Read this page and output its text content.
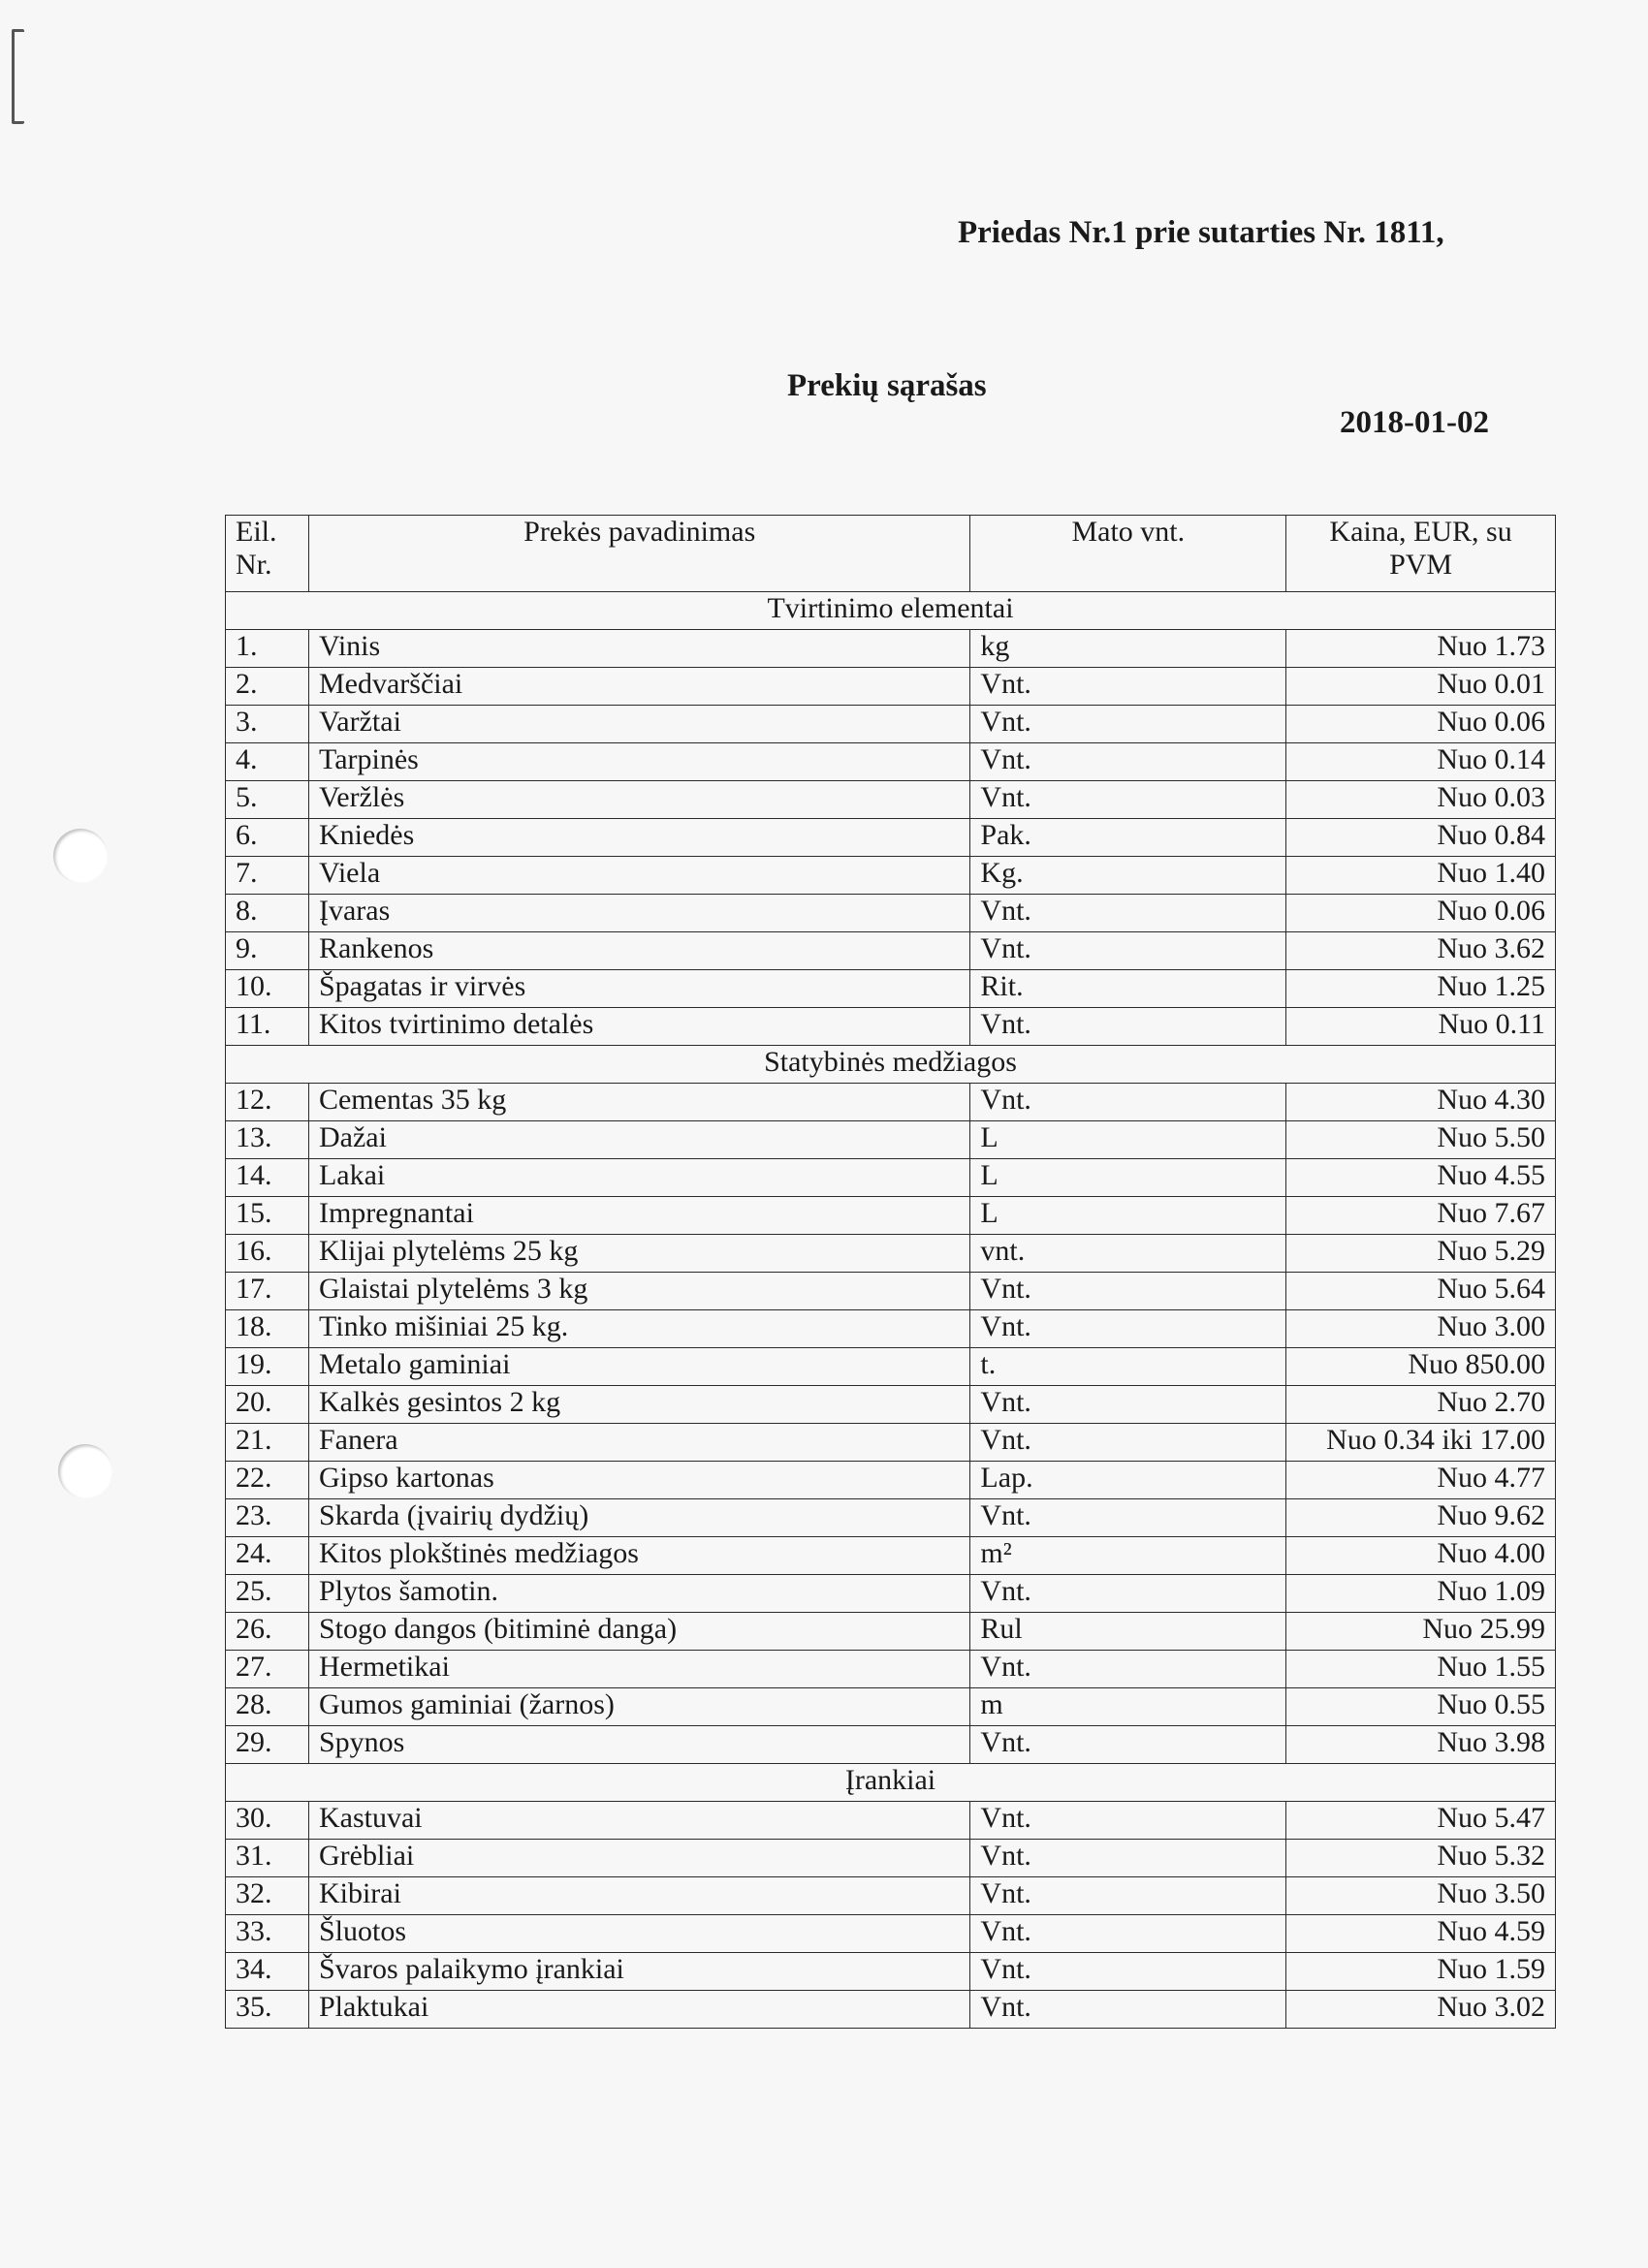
Priedas Nr.1 prie sutarties Nr. 1811,
Prekių sąrašas
2018-01-02
Eil. Nr.	Prekės pavadinimas	Mato vnt.	Kaina, EUR, su PVM
Tvirtinimo elementai			
1.	Vinis	kg	Nuo 1.73
2.	Medvarščiai	Vnt.	Nuo 0.01
3.	Varžtai	Vnt.	Nuo 0.06
4.	Tarpinės	Vnt.	Nuo 0.14
5.	Veržlės	Vnt.	Nuo 0.03
6.	Kniedės	Pak.	Nuo 0.84
7.	Viela	Kg.	Nuo 1.40
8.	Įvaras	Vnt.	Nuo 0.06
9.	Rankenos	Vnt.	Nuo 3.62
10.	Špagatas ir virvės	Rit.	Nuo 1.25
11.	Kitos tvirtinimo detalės	Vnt.	Nuo 0.11
Statybinės medžiagos			
12.	Cementas 35 kg	Vnt.	Nuo 4.30
13.	Dažai	L	Nuo 5.50
14.	Lakai	L	Nuo 4.55
15.	Impregnantai	L	Nuo 7.67
16.	Klijai plytelėms 25 kg	vnt.	Nuo 5.29
17.	Glaistai plytelėms 3 kg	Vnt.	Nuo 5.64
18.	Tinko mišiniai 25 kg.	Vnt.	Nuo 3.00
19.	Metalo gaminiai	t.	Nuo 850.00
20.	Kalkės gesintos 2 kg	Vnt.	Nuo 2.70
21.	Fanera	Vnt.	Nuo 0.34 iki 17.00
22.	Gipso kartonas	Lap.	Nuo 4.77
23.	Skarda (įvairių dydžių)	Vnt.	Nuo 9.62
24.	Kitos plokštinės medžiagos	m²	Nuo 4.00
25.	Plytos šamotin.	Vnt.	Nuo 1.09
26.	Stogo dangos (bitiminė danga)	Rul	Nuo 25.99
27.	Hermetikai	Vnt.	Nuo 1.55
28.	Gumos gaminiai (žarnos)	m	Nuo 0.55
29.	Spynos	Vnt.	Nuo 3.98
Įrankiai			
30.	Kastuvai	Vnt.	Nuo 5.47
31.	Grėbliai	Vnt.	Nuo 5.32
32.	Kibirai	Vnt.	Nuo 3.50
33.	Šluotos	Vnt.	Nuo 4.59
34.	Švaros palaikymo įrankiai	Vnt.	Nuo 1.59
35.	Plaktukai	Vnt.	Nuo 3.02
